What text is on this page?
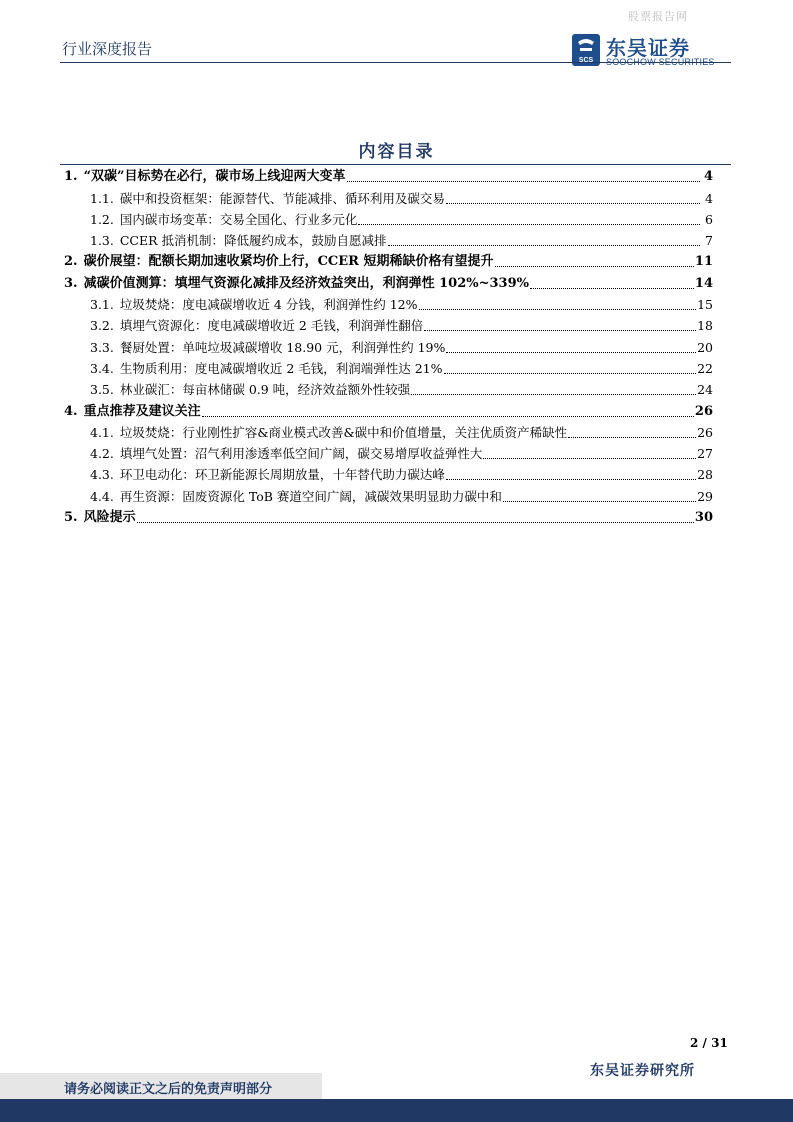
股票报告网
行业深度报告
SCS
东吴证券
SOOCHOW SECURITIES
内容目录
1. “双碳”目标势在必行，碳市场上线迎两大变革	4
1.1. 碳中和投资框架：能源替代、节能减排、循环利用及碳交易	4
1.2. 国内碳市场变革：交易全国化、行业多元化	6
1.3. CCER 抵消机制：降低履约成本，鼓励自愿减排	7
2. 碳价展望：配额长期加速收紧均价上行，CCER 短期稀缺价格有望提升	11
3. 减碳价值测算：填埋气资源化减排及经济效益突出，利润弹性 102%~339%	14
3.1. 垃圾焚烧：度电减碳增收近 4 分钱，利润弹性约 12%	15
3.2. 填埋气资源化：度电减碳增收近 2 毛钱，利润弹性翻倍	18
3.3. 餐厨处置：单吨垃圾减碳增收 18.90 元，利润弹性约 19%	20
3.4. 生物质利用：度电减碳增收近 2 毛钱，利润端弹性达 21%	22
3.5. 林业碳汇：每亩林储碳 0.9 吨，经济效益额外性较强	24
4. 重点推荐及建议关注	26
4.1. 垃圾焚烧：行业刚性扩容&商业模式改善&碳中和价值增量，关注优质资产稀缺性	26
4.2. 填埋气处置：沼气利用渗透率低空间广阔，碳交易增厚收益弹性大	27
4.3. 环卫电动化：环卫新能源长周期放量，十年替代助力碳达峰	28
4.4. 再生资源：固废资源化 ToB 赛道空间广阔，减碳效果明显助力碳中和	29
5. 风险提示	30
2 / 31
东吴证券研究所
请务必阅读正文之后的免责声明部分
